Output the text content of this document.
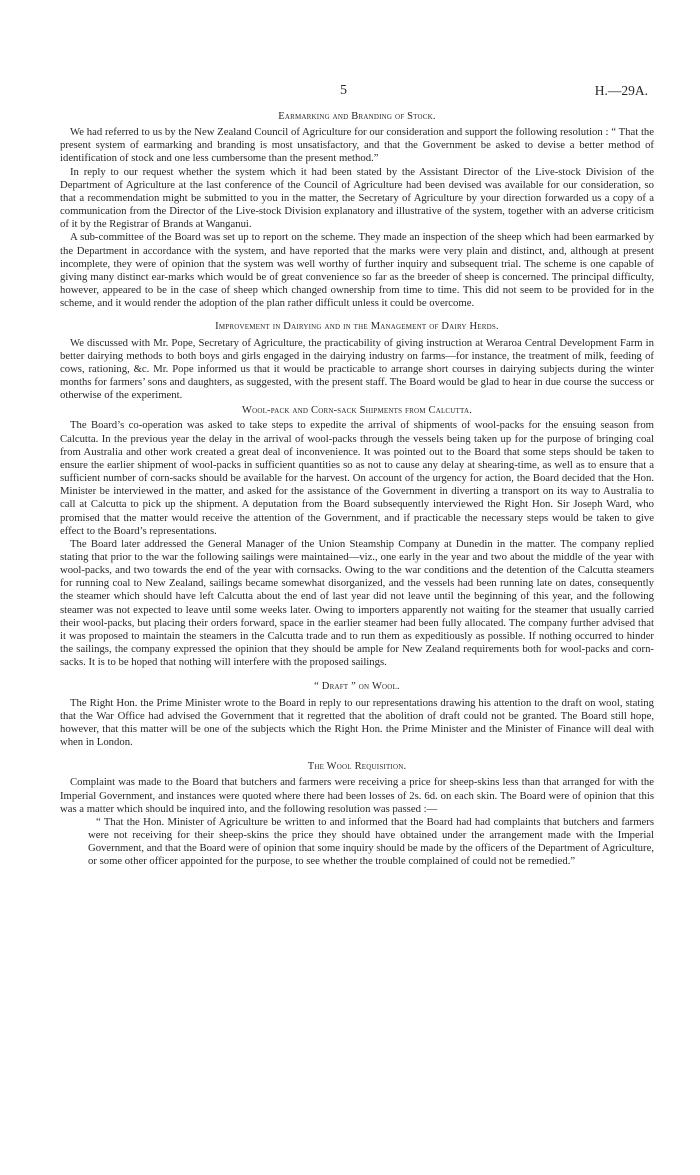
5	H.—29A.
Earmarking and Branding of Stock.

We had referred to us by the New Zealand Council of Agriculture for our consideration and support the following resolution : “ That the present system of earmarking and branding is most unsatisfactory, and that the Government be asked to devise a better method of identification of stock and one less cumbersome than the present method.”

In reply to our request whether the system which it had been stated by the Assistant Director of the Live-stock Division of the Department of Agriculture at the last conference of the Council of Agriculture had been devised was available for our consideration, so that a recommendation might be submitted to you in the matter, the Secretary of Agriculture by your direction forwarded us a copy of a communication from the Director of the Live-stock Division explanatory and illustrative of the system, together with an adverse criticism of it by the Registrar of Brands at Wanganui.

A sub-committee of the Board was set up to report on the scheme. They made an inspection of the sheep which had been earmarked by the Department in accordance with the system, and have reported that the marks were very plain and distinct, and, although at present incomplete, they were of opinion that the system was well worthy of further inquiry and subsequent trial. The scheme is one capable of giving many distinct ear-marks which would be of great convenience so far as the breeder of sheep is concerned. The principal difficulty, however, appeared to be in the case of sheep which changed ownership from time to time. This did not seem to be provided for in the scheme, and it would render the adoption of the plan rather difficult unless it could be overcome.

Improvement in Dairying and in the Management of Dairy Herds.

We discussed with Mr. Pope, Secretary of Agriculture, the practicability of giving instruction at Weraroa Central Development Farm in better dairying methods to both boys and girls engaged in the dairying industry on farms—for instance, the treatment of milk, feeding of cows, rationing, &c. Mr. Pope informed us that it would be practicable to arrange short courses in dairying subjects during the winter months for farmers’ sons and daughters, as suggested, with the present staff. The Board would be glad to hear in due course the success or otherwise of the experiment.

Wool-pack and Corn-sack Shipments from Calcutta.

The Board’s co-operation was asked to take steps to expedite the arrival of shipments of wool-packs for the ensuing season from Calcutta. In the previous year the delay in the arrival of wool-packs through the vessels being taken up for the purpose of bringing coal from Australia and other work created a great deal of inconvenience. It was pointed out to the Board that some steps should be taken to ensure the earlier shipment of wool-packs in sufficient quantities so as not to cause any delay at shearing-time, as well as to ensure that a sufficient number of corn-sacks should be available for the harvest. On account of the urgency for action, the Board decided that the Hon. Minister be interviewed in the matter, and asked for the assistance of the Government in diverting a transport on its way to Australia to call at Calcutta to pick up the shipment. A deputation from the Board subsequently interviewed the Right Hon. Sir Joseph Ward, who promised that the matter would receive the attention of the Government, and if practicable the necessary steps would be taken to give effect to the Board’s representations.

The Board later addressed the General Manager of the Union Steamship Company at Dunedin in the matter. The company replied stating that prior to the war the following sailings were maintained—viz., one early in the year and two about the middle of the year with wool-packs, and two towards the end of the year with cornsacks. Owing to the war conditions and the detention of the Calcutta steamers for running coal to New Zealand, sailings became somewhat disorganized, and the vessels had been running late on dates, consequently the steamer which should have left Calcutta about the end of last year did not leave until the beginning of this year, and the following steamer was not expected to leave until some weeks later. Owing to importers apparently not waiting for the steamer that usually carried their wool-packs, but placing their orders forward, space in the earlier steamer had been fully allocated. The company further advised that it was proposed to maintain the steamers in the Calcutta trade and to run them as expeditiously as possible. If nothing occurred to hinder the sailings, the company expressed the opinion that they should be ample for New Zealand requirements both for wool-packs and corn-sacks. It is to be hoped that nothing will interfere with the proposed sailings.

“ Draft ” on Wool.

The Right Hon. the Prime Minister wrote to the Board in reply to our representations drawing his attention to the draft on wool, stating that the War Office had advised the Government that it regretted that the abolition of draft could not be granted. The Board still hope, however, that this matter will be one of the subjects which the Right Hon. the Prime Minister and the Minister of Finance will deal with when in London.

The Wool Requisition.

Complaint was made to the Board that butchers and farmers were receiving a price for sheep-skins less than that arranged for with the Imperial Government, and instances were quoted where there had been losses of 2s. 6d. on each skin. The Board were of opinion that this was a matter which should be inquired into, and the following resolution was passed :—

“ That the Hon. Minister of Agriculture be written to and informed that the Board had had complaints that butchers and farmers were not receiving for their sheep-skins the price they should have obtained under the arrangement made with the Imperial Government, and that the Board were of opinion that some inquiry should be made by the officers of the Department of Agriculture, or some other officer appointed for the purpose, to see whether the trouble complained of could not be remedied.”
